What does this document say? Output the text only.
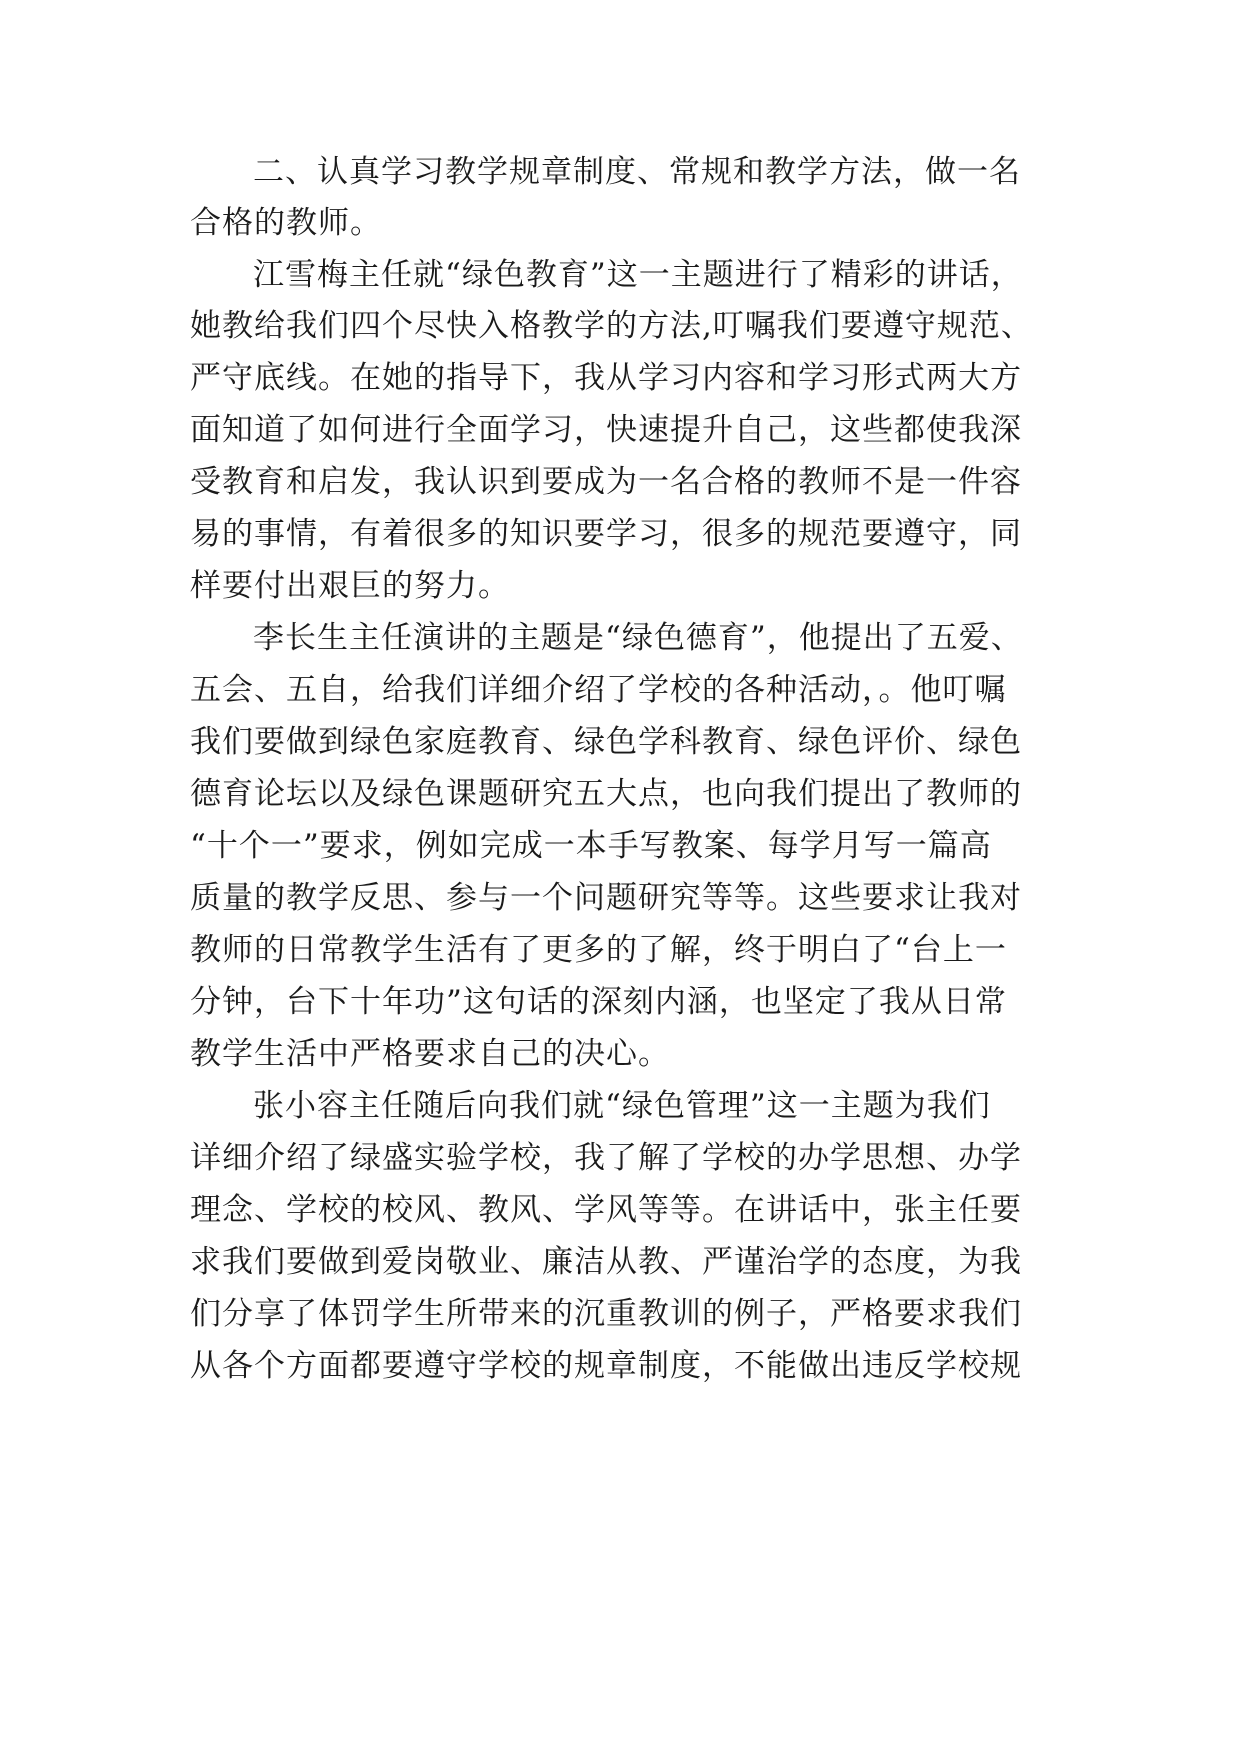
二、认真学习教学规章制度、常规和教学方法，做一名
合格的教师。
江雪梅主任就“绿色教育”这一主题进行了精彩的讲话，
她教给我们四个尽快入格教学的方法,叮嘱我们要遵守规范、
严守底线。在她的指导下，我从学习内容和学习形式两大方
面知道了如何进行全面学习，快速提升自己，这些都使我深
受教育和启发，我认识到要成为一名合格的教师不是一件容
易的事情，有着很多的知识要学习，很多的规范要遵守，同
样要付出艰巨的努力。
李长生主任演讲的主题是“绿色德育”，他提出了五爱、
五会、五自，给我们详细介绍了学校的各种活动，。他叮嘱
我们要做到绿色家庭教育、绿色学科教育、绿色评价、绿色
德育论坛以及绿色课题研究五大点，也向我们提出了教师的
“十个一”要求，例如完成一本手写教案、每学月写一篇高
质量的教学反思、参与一个问题研究等等。这些要求让我对
教师的日常教学生活有了更多的了解，终于明白了“台上一
分钟，台下十年功”这句话的深刻内涵，也坚定了我从日常
教学生活中严格要求自己的决心。
张小容主任随后向我们就“绿色管理”这一主题为我们
详细介绍了绿盛实验学校，我了解了学校的办学思想、办学
理念、学校的校风、教风、学风等等。在讲话中，张主任要
求我们要做到爱岗敬业、廉洁从教、严谨治学的态度，为我
们分享了体罚学生所带来的沉重教训的例子，严格要求我们
从各个方面都要遵守学校的规章制度，不能做出违反学校规
